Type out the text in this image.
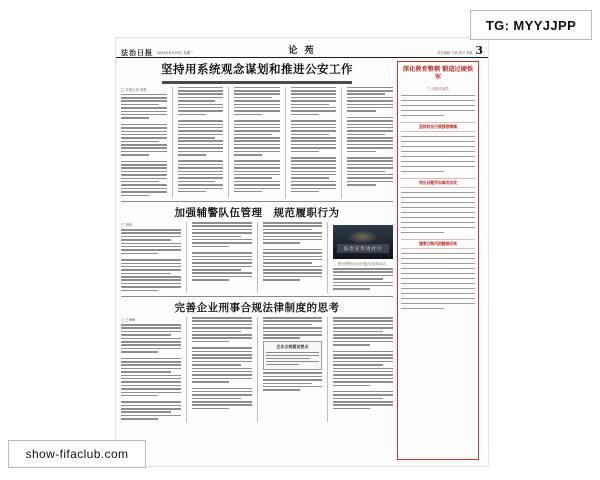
法治日报 2024年6月25日 星期二	论 苑	责任编辑 王婧 校对 李娜 3
坚持用系统观念谋划和推进公安工作
□ 本报记者 张维
加强辅警队伍管理　规范履职行为
□ 李明
法治宣传进社区
图为民警在社区开展法治宣传活动。
完善企业刑事合规法律制度的思考
□ 王海峰
企业合规建设要点
深化教育整顿 锻造过硬铁军
□ 本报评论员
坚持政治引领强根铸魂
突出问题导向真改实改
建章立制巩固整顿成果
TG: MYYJJPP
show-fifaclub.com
